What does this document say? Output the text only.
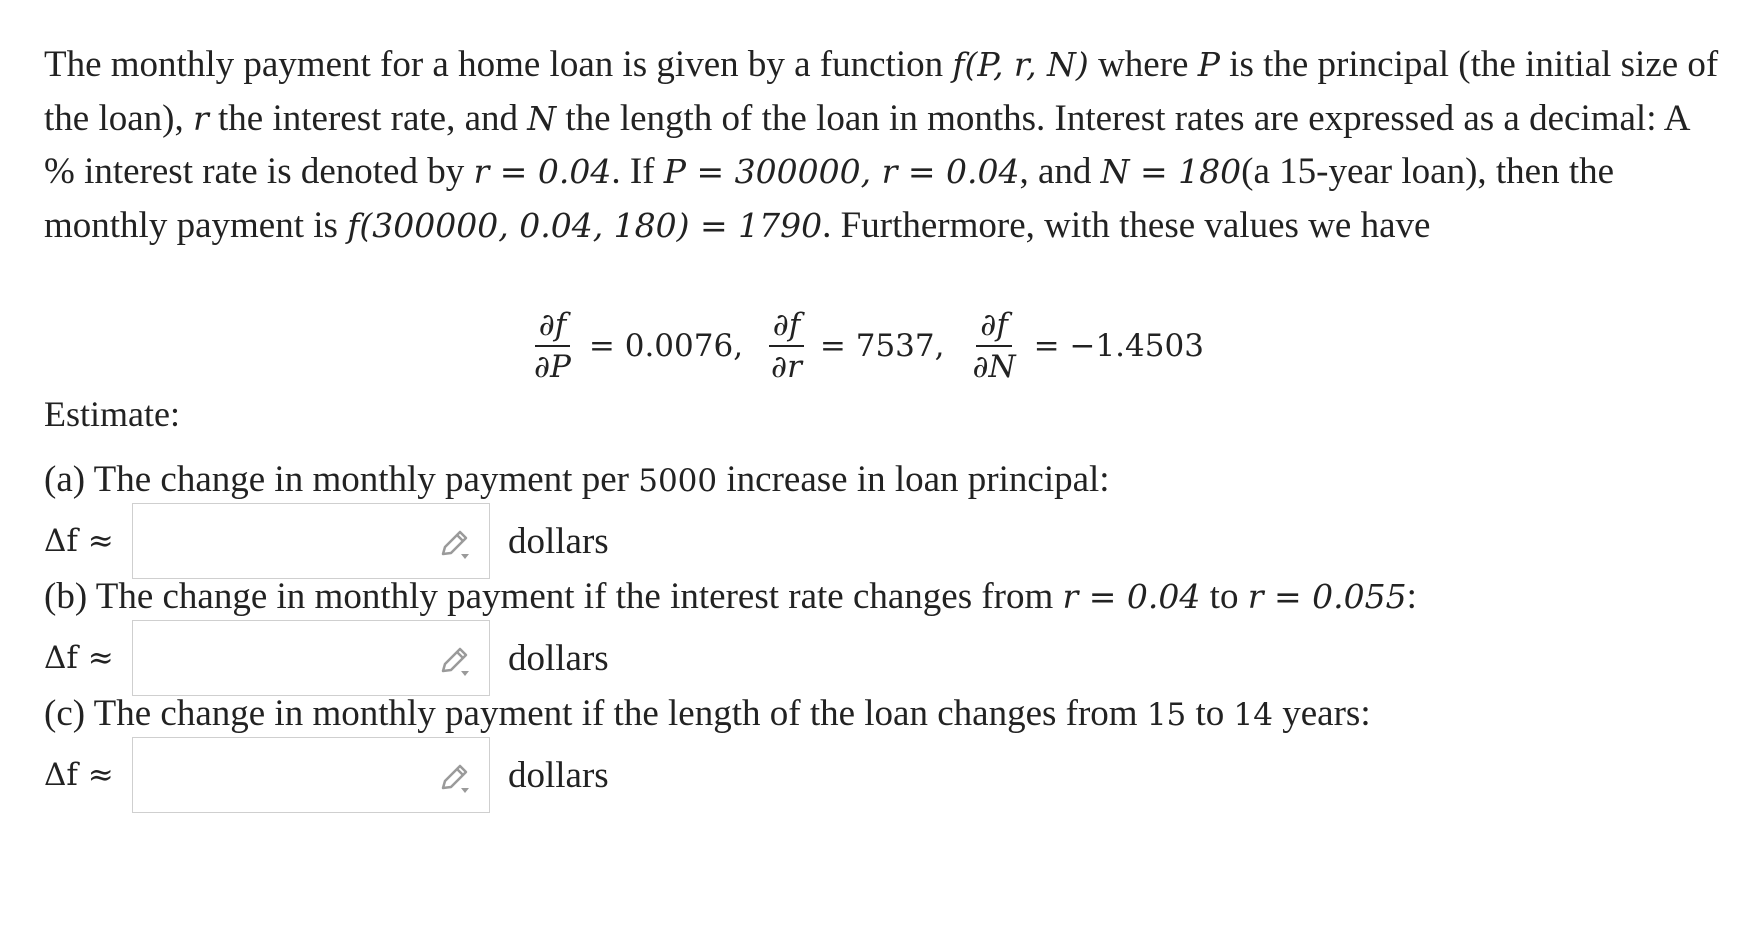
The monthly payment for a home loan is given by a function f(P, r, N) where P is the principal (the initial size of the loan), r the interest rate, and N the length of the loan in months. Interest rates are expressed as a decimal: A % interest rate is denoted by r = 0.04. If P = 300000, r = 0.04, and N = 180(a 15-year loan), then the monthly payment is f(300000, 0.04, 180) = 1790. Furthermore, with these values we have

$\frac{\partial f}{\partial P} = 0.0076$, $\frac{\partial f}{\partial r} = 7537$, $\frac{\partial f}{\partial N} = -1.4503$
Estimate:
(a) The change in monthly payment per 5000 increase in loan principal:
Δf ≈	dollars
(b) The change in monthly payment if the interest rate changes from r = 0.04 to r = 0.055:
Δf ≈	dollars
(c) The change in monthly payment if the length of the loan changes from 15 to 14 years:
Δf ≈	dollars
